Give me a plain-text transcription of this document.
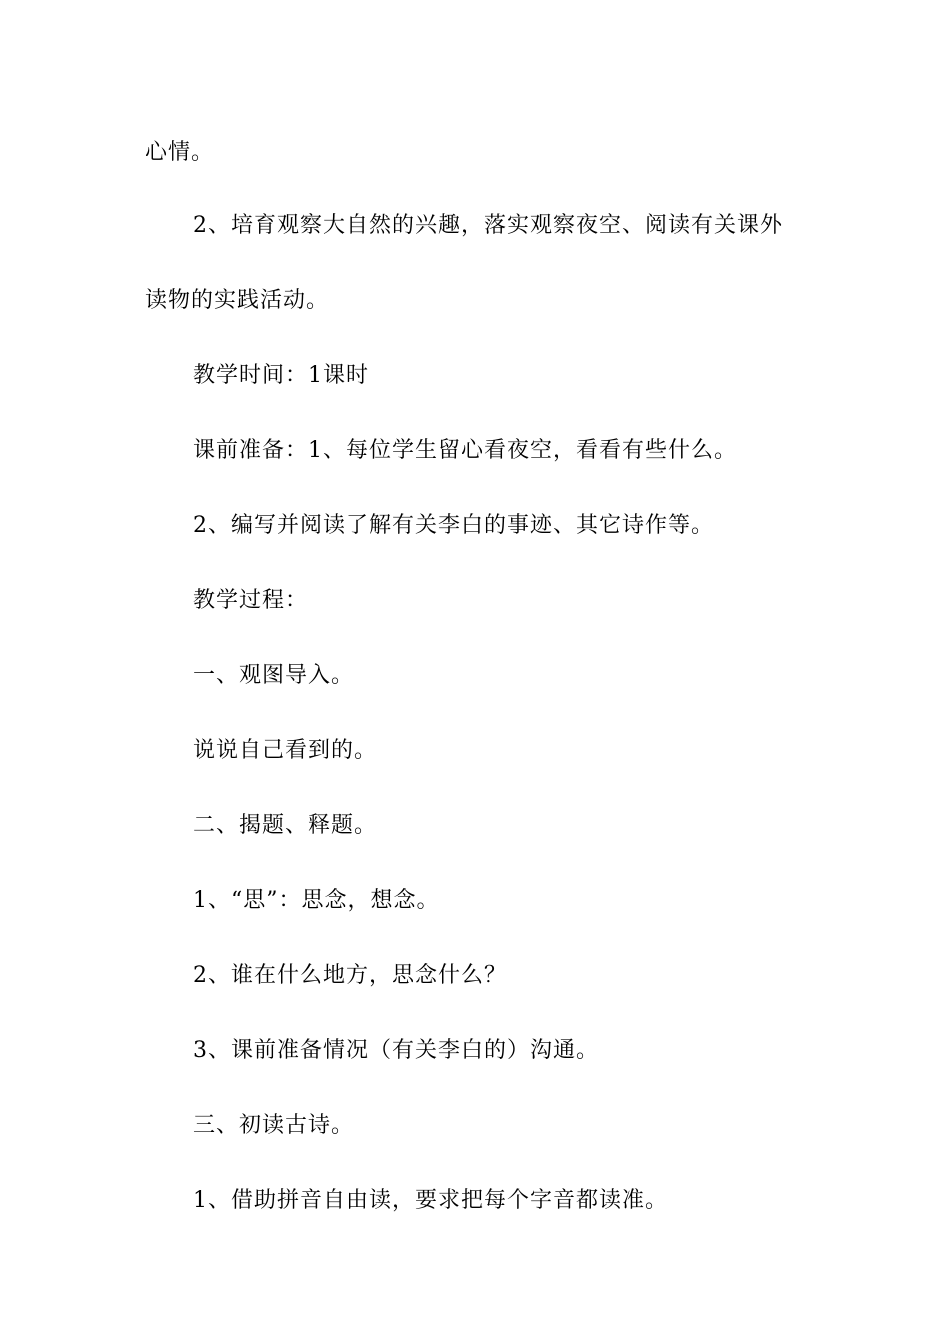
心情。
2、培育观察大自然的兴趣，落实观察夜空、阅读有关课外
读物的实践活动。
教学时间：1课时
课前准备：1、每位学生留心看夜空，看看有些什么。
2、编写并阅读了解有关李白的事迹、其它诗作等。
教学过程：
一、观图导入。
说说自己看到的。
二、揭题、释题。
1、“思”：思念，想念。
2、谁在什么地方，思念什么？
3、课前准备情况（有关李白的）沟通。
三、初读古诗。
1、借助拼音自由读，要求把每个字音都读准。
